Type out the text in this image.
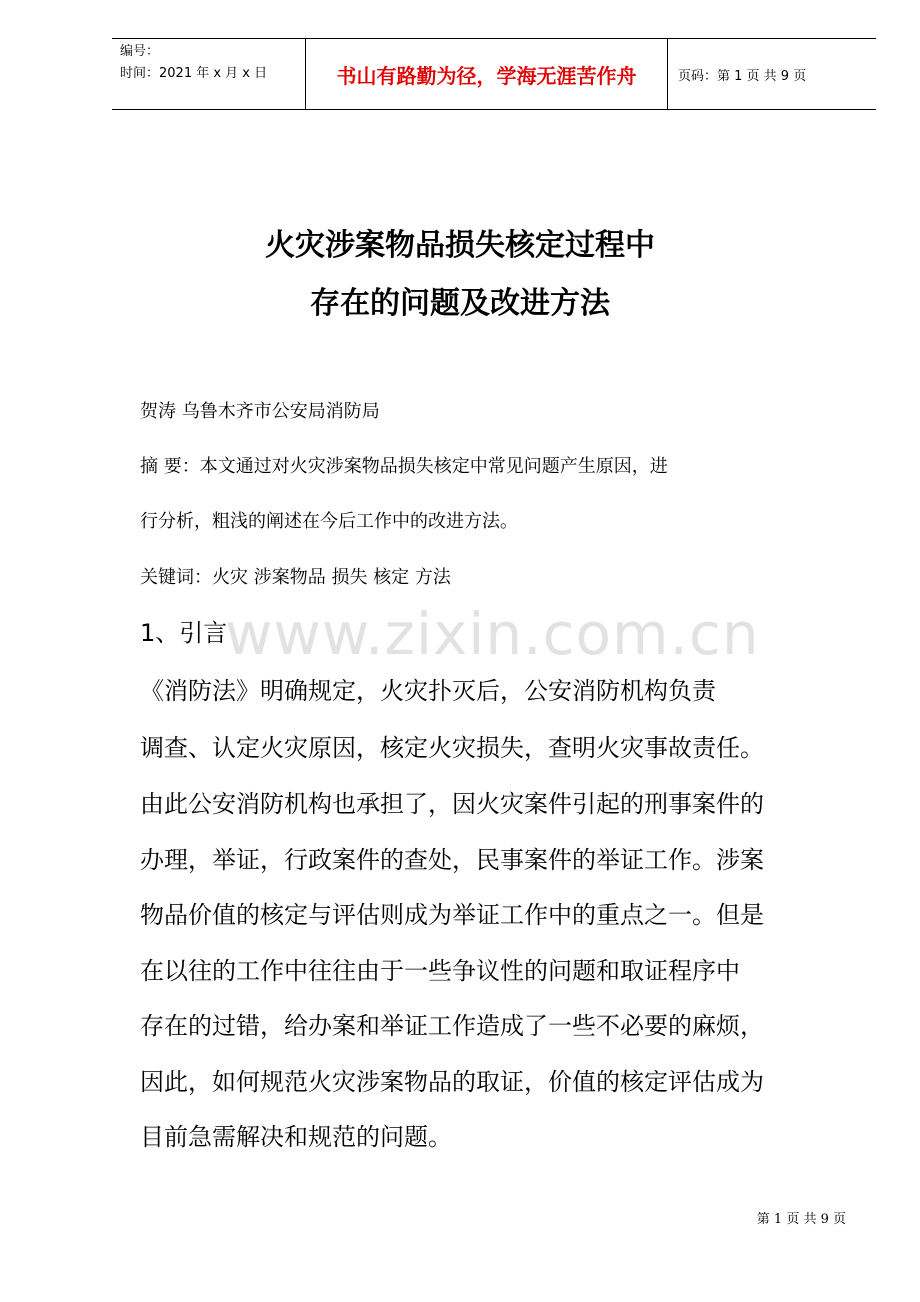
编号：
时间：2021 年 x 月 x 日	书山有路勤为径，学海无涯苦作舟	页码：第 1 页 共 9 页
火灾涉案物品损失核定过程中
存在的问题及改进方法
贺涛 乌鲁木齐市公安局消防局
摘 要：本文通过对火灾涉案物品损失核定中常见问题产生原因，进
行分析，粗浅的阐述在今后工作中的改进方法。
关键词：火灾 涉案物品 损失 核定 方法
www.zixin.com.cn
1、引言
《消防法》明确规定，火灾扑灭后，公安消防机构负责
调查、认定火灾原因，核定火灾损失，查明火灾事故责任。
由此公安消防机构也承担了，因火灾案件引起的刑事案件的
办理，举证，行政案件的查处，民事案件的举证工作。涉案
物品价值的核定与评估则成为举证工作中的重点之一。但是
在以往的工作中往往由于一些争议性的问题和取证程序中
存在的过错，给办案和举证工作造成了一些不必要的麻烦，
因此，如何规范火灾涉案物品的取证，价值的核定评估成为
目前急需解决和规范的问题。
第 1 页 共 9 页
